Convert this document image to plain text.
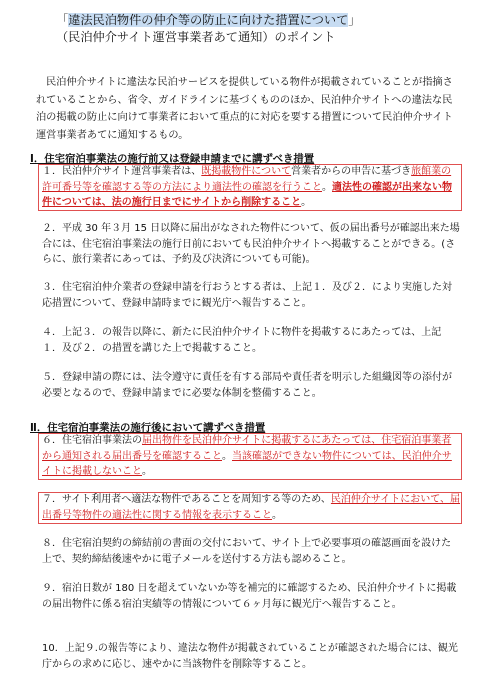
「違法民泊物件の仲介等の防止に向けた措置について」
（民泊仲介サイト運営事業者あて通知）のポイント
民泊仲介サイトに違法な民泊サービスを提供している物件が掲載されていることが指摘されていることから、省令、ガイドラインに基づくもののほか、民泊仲介サイトへの違法な民泊の掲載の防止に向けて事業者において重点的に対応を要する措置について民泊仲介サイト運営事業者あてに通知するもの。
Ⅰ．住宅宿泊事業法の施行前又は登録申請までに講ずべき措置
１．民泊仲介サイト運営事業者は、既掲載物件について営業者からの申告に基づき旅館業の許可番号等を確認する等の方法により適法性の確認を行うこと。適法性の確認が出来ない物件については、法の施行日までにサイトから削除すること。
２．平成 30 年３月 15 日以降に届出がなされた物件について、仮の届出番号が確認出来た場合には、住宅宿泊事業法の施行日前においても民泊仲介サイトへ掲載することができる。(さらに、旅行業者にあっては、予約及び決済についても可能)。
３．住宅宿泊仲介業者の登録申請を行おうとする者は、上記１．及び２．により実施した対応措置について、登録申請時までに観光庁へ報告すること。
４．上記３．の報告以降に、新たに民泊仲介サイトに物件を掲載するにあたっては、上記１．及び２．の措置を講じた上で掲載すること。
５．登録申請の際には、法令遵守に責任を有する部局や責任者を明示した組織図等の添付が必要となるので、登録申請までに必要な体制を整備すること。
Ⅱ．住宅宿泊事業法の施行後において講ずべき措置
６．住宅宿泊事業法の届出物件を民泊仲介サイトに掲載するにあたっては、住宅宿泊事業者から通知される届出番号を確認すること。当該確認ができない物件については、民泊仲介サイトに掲載しないこと。
７．サイト利用者へ適法な物件であることを周知する等のため、民泊仲介サイトにおいて、届出番号等物件の適法性に関する情報を表示すること。
８．住宅宿泊契約の締結前の書面の交付において、サイト上で必要事項の確認画面を設けた上で、契約締結後速やかに電子メールを送付する方法も認めること。
９．宿泊日数が 180 日を超えていないか等を補完的に確認するため、民泊仲介サイトに掲載の届出物件に係る宿泊実績等の情報について６ヶ月毎に観光庁へ報告すること。
10．上記９.の報告等により、違法な物件が掲載されていることが確認された場合には、観光庁からの求めに応じ、速やかに当該物件を削除等すること。
